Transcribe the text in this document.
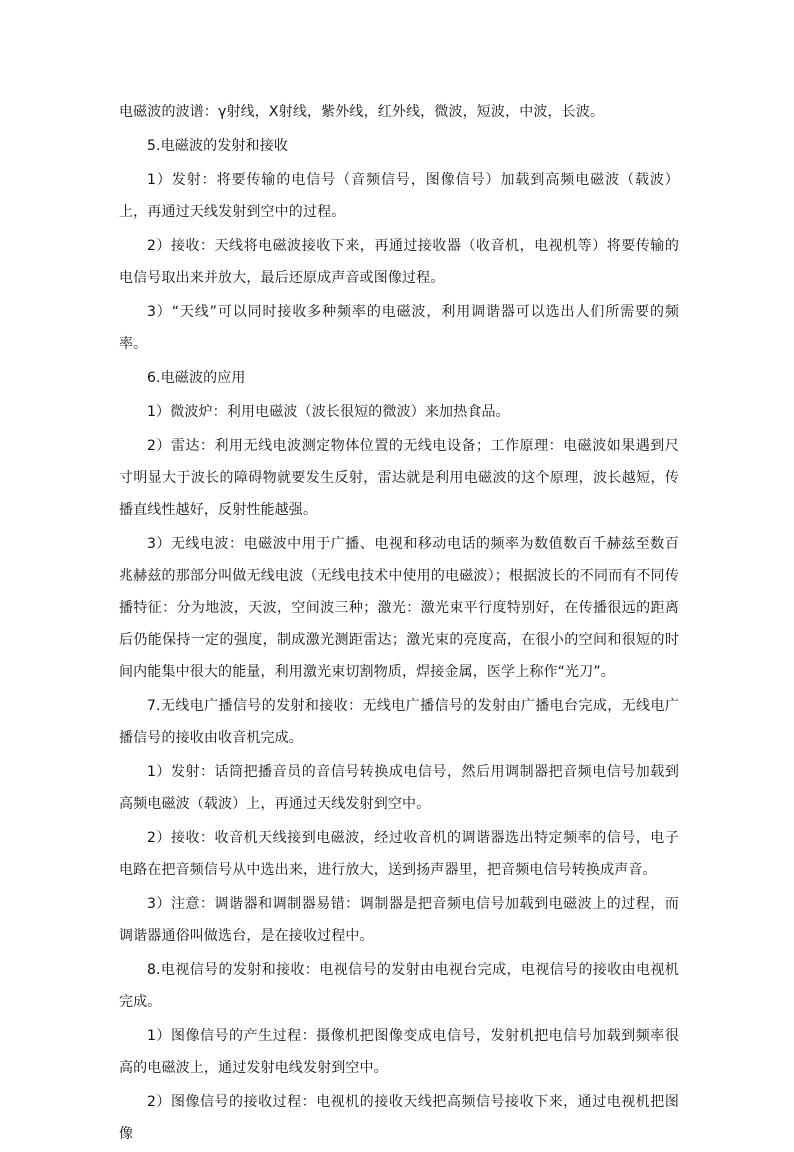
电磁波的波谱：γ射线，X射线，紫外线，红外线，微波，短波，中波，长波。

5.电磁波的发射和接收

1）发射：将要传输的电信号（音频信号，图像信号）加载到高频电磁波（载波）上，再通过天线发射到空中的过程。

2）接收：天线将电磁波接收下来，再通过接收器（收音机，电视机等）将要传输的电信号取出来并放大，最后还原成声音或图像过程。

3）“天线”可以同时接收多种频率的电磁波，利用调谐器可以选出人们所需要的频率。

6.电磁波的应用

1）微波炉：利用电磁波（波长很短的微波）来加热食品。

2）雷达：利用无线电波测定物体位置的无线电设备；工作原理：电磁波如果遇到尺寸明显大于波长的障碍物就要发生反射，雷达就是利用电磁波的这个原理，波长越短，传播直线性越好，反射性能越强。

3）无线电波：电磁波中用于广播、电视和移动电话的频率为数值数百千赫兹至数百兆赫兹的那部分叫做无线电波（无线电技术中使用的电磁波）；根据波长的不同而有不同传播特征：分为地波，天波，空间波三种；激光：激光束平行度特别好，在传播很远的距离后仍能保持一定的强度，制成激光测距雷达；激光束的亮度高，在很小的空间和很短的时间内能集中很大的能量，利用激光束切割物质，焊接金属，医学上称作“光刀”。

7.无线电广播信号的发射和接收：无线电广播信号的发射由广播电台完成，无线电广播信号的接收由收音机完成。

1）发射：话筒把播音员的音信号转换成电信号，然后用调制器把音频电信号加载到高频电磁波（载波）上，再通过天线发射到空中。

2）接收：收音机天线接到电磁波，经过收音机的调谐器选出特定频率的信号，电子电路在把音频信号从中选出来，进行放大，送到扬声器里，把音频电信号转换成声音。

3）注意：调谐器和调制器易错：调制器是把音频电信号加载到电磁波上的过程，而调谐器通俗叫做选台，是在接收过程中。

8.电视信号的发射和接收：电视信号的发射由电视台完成，电视信号的接收由电视机完成。

1）图像信号的产生过程：摄像机把图像变成电信号，发射机把电信号加载到频率很高的电磁波上，通过发射电线发射到空中。

2）图像信号的接收过程：电视机的接收天线把高频信号接收下来，通过电视机把图像
